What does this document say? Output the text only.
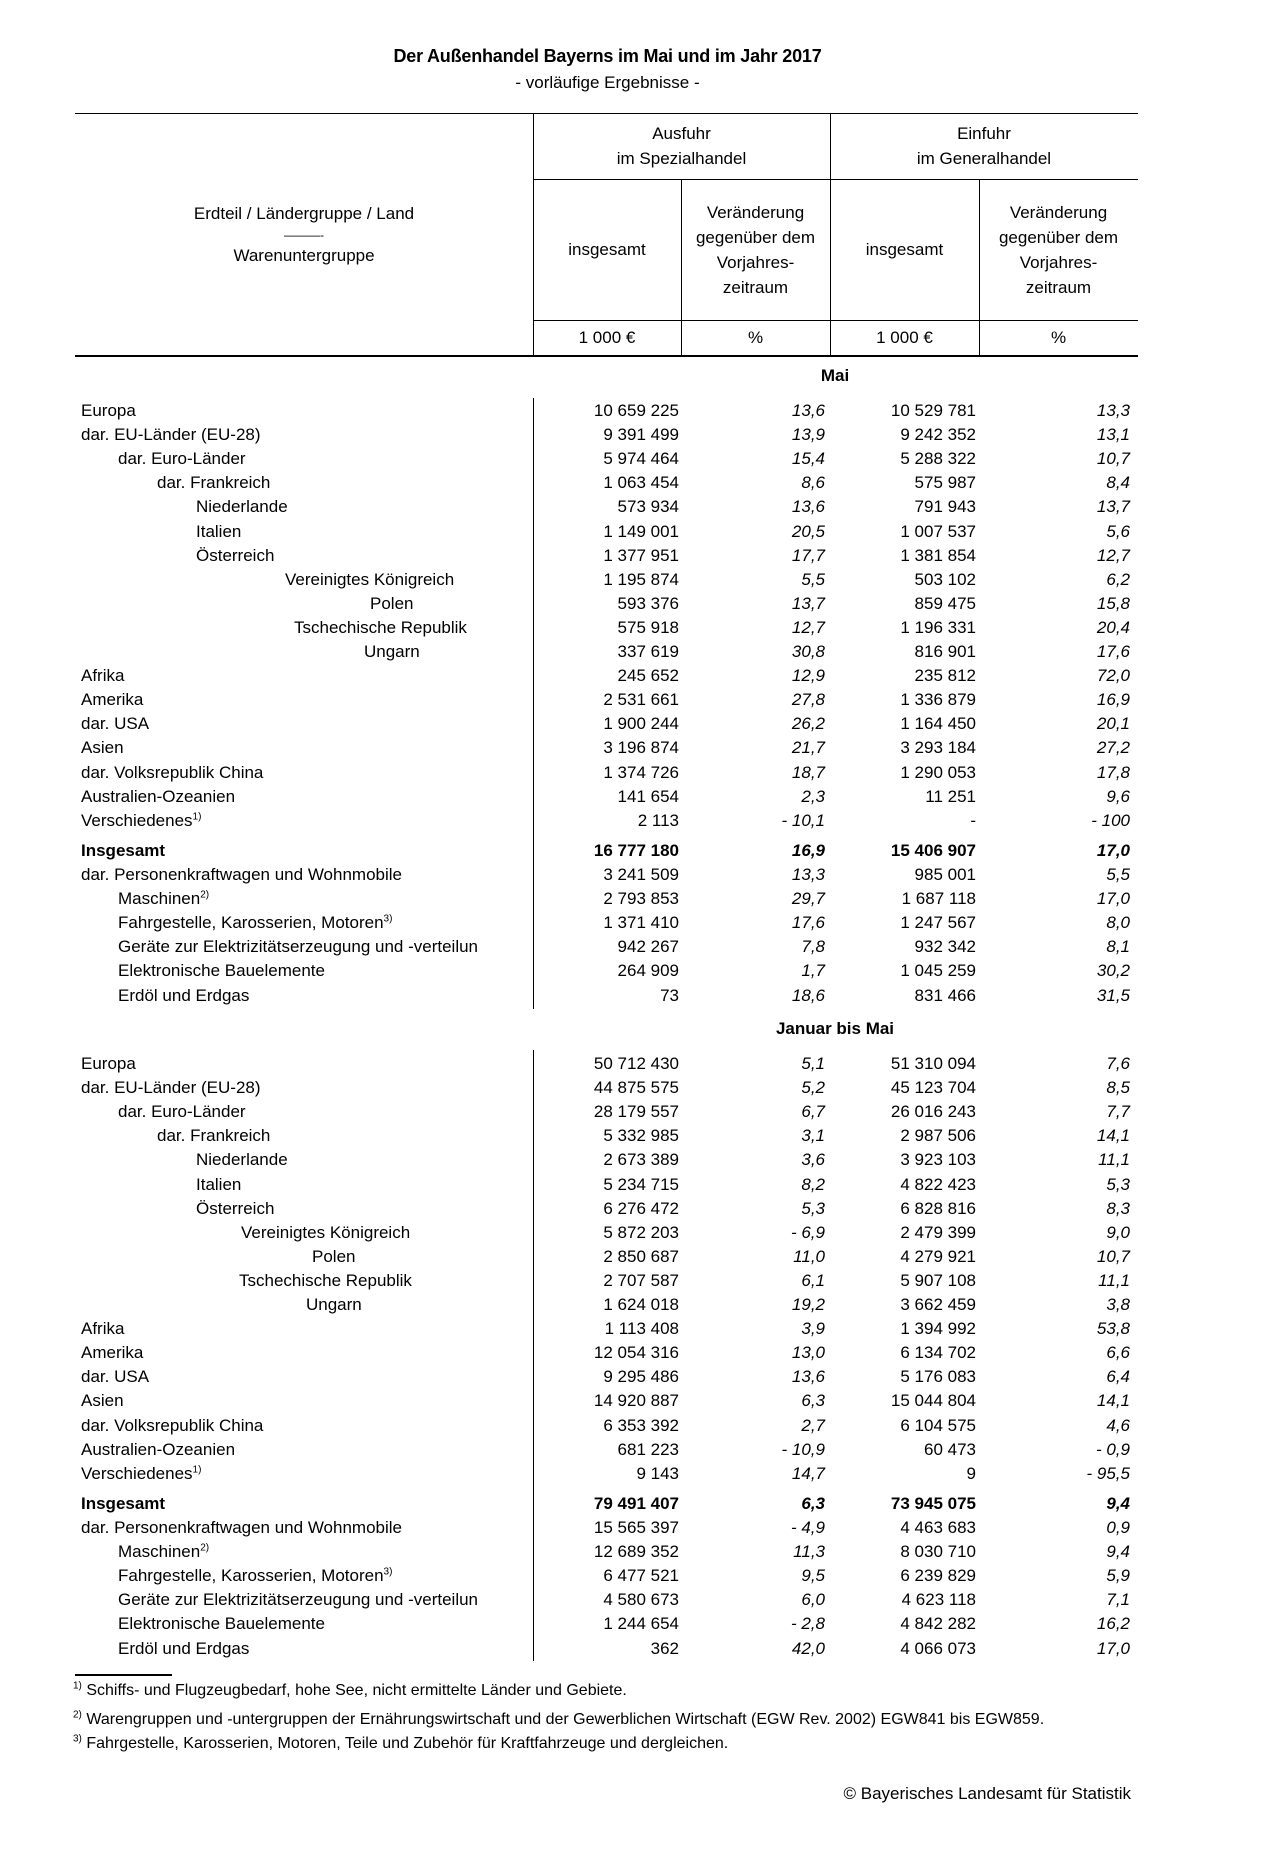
Der Außenhandel Bayerns im Mai und im Jahr 2017
- vorläufige Ergebnisse -
Erdteil / Ländergruppe / Land
———-
Warenuntergruppe
Ausfuhr
im Spezialhandel
Einfuhr
im Generalhandel
insgesamt
Veränderung
gegenüber dem
Vorjahres-
zeitraum
insgesamt
Veränderung
gegenüber dem
Vorjahres-
zeitraum
1 000 €	%	1 000 €	%
Mai
Europa	10 659 225	13,6	10 529 781	13,3
dar. EU-Länder (EU-28)	9 391 499	13,9	9 242 352	13,1
dar. Euro-Länder	5 974 464	15,4	5 288 322	10,7
dar. Frankreich	1 063 454	8,6	575 987	8,4
Niederlande	573 934	13,6	791 943	13,7
Italien	1 149 001	20,5	1 007 537	5,6
Österreich	1 377 951	17,7	1 381 854	12,7
Vereinigtes Königreich	1 195 874	5,5	503 102	6,2
Polen	593 376	13,7	859 475	15,8
Tschechische Republik	575 918	12,7	1 196 331	20,4
Ungarn	337 619	30,8	816 901	17,6
Afrika	245 652	12,9	235 812	72,0
Amerika	2 531 661	27,8	1 336 879	16,9
dar. USA	1 900 244	26,2	1 164 450	20,1
Asien	3 196 874	21,7	3 293 184	27,2
dar. Volksrepublik China	1 374 726	18,7	1 290 053	17,8
Australien-Ozeanien	141 654	2,3	11 251	9,6
Verschiedenes$^{1)}$	2 113	- 10,1	-	- 100
Insgesamt	16 777 180	16,9	15 406 907	17,0
dar. Personenkraftwagen und Wohnmobile	3 241 509	13,3	985 001	5,5
Maschinen$^{2)}$	2 793 853	29,7	1 687 118	17,0
Fahrgestelle, Karosserien, Motoren$^{3)}$	1 371 410	17,6	1 247 567	8,0
Geräte zur Elektrizitätserzeugung und -verteilun	942 267	7,8	932 342	8,1
Elektronische Bauelemente	264 909	1,7	1 045 259	30,2
Erdöl und Erdgas	73	18,6	831 466	31,5
Januar bis Mai
Europa	50 712 430	5,1	51 310 094	7,6
dar. EU-Länder (EU-28)	44 875 575	5,2	45 123 704	8,5
dar. Euro-Länder	28 179 557	6,7	26 016 243	7,7
dar. Frankreich	5 332 985	3,1	2 987 506	14,1
Niederlande	2 673 389	3,6	3 923 103	11,1
Italien	5 234 715	8,2	4 822 423	5,3
Österreich	6 276 472	5,3	6 828 816	8,3
Vereinigtes Königreich	5 872 203	- 6,9	2 479 399	9,0
Polen	2 850 687	11,0	4 279 921	10,7
Tschechische Republik	2 707 587	6,1	5 907 108	11,1
Ungarn	1 624 018	19,2	3 662 459	3,8
Afrika	1 113 408	3,9	1 394 992	53,8
Amerika	12 054 316	13,0	6 134 702	6,6
dar. USA	9 295 486	13,6	5 176 083	6,4
Asien	14 920 887	6,3	15 044 804	14,1
dar. Volksrepublik China	6 353 392	2,7	6 104 575	4,6
Australien-Ozeanien	681 223	- 10,9	60 473	- 0,9
Verschiedenes$^{1)}$	9 143	14,7	9	- 95,5
Insgesamt	79 491 407	6,3	73 945 075	9,4
dar. Personenkraftwagen und Wohnmobile	15 565 397	- 4,9	4 463 683	0,9
Maschinen$^{2)}$	12 689 352	11,3	8 030 710	9,4
Fahrgestelle, Karosserien, Motoren$^{3)}$	6 477 521	9,5	6 239 829	5,9
Geräte zur Elektrizitätserzeugung und -verteilun	4 580 673	6,0	4 623 118	7,1
Elektronische Bauelemente	1 244 654	- 2,8	4 842 282	16,2
Erdöl und Erdgas	362	42,0	4 066 073	17,0
$^{1)}$ Schiffs- und Flugzeugbedarf, hohe See, nicht ermittelte Länder und Gebiete.
$^{2)}$ Warengruppen und -untergruppen der Ernährungswirtschaft und der Gewerblichen Wirtschaft (EGW Rev. 2002) EGW841 bis EGW859.
$^{3)}$ Fahrgestelle, Karosserien, Motoren, Teile und Zubehör für Kraftfahrzeuge und dergleichen.
© Bayerisches Landesamt für Statistik
